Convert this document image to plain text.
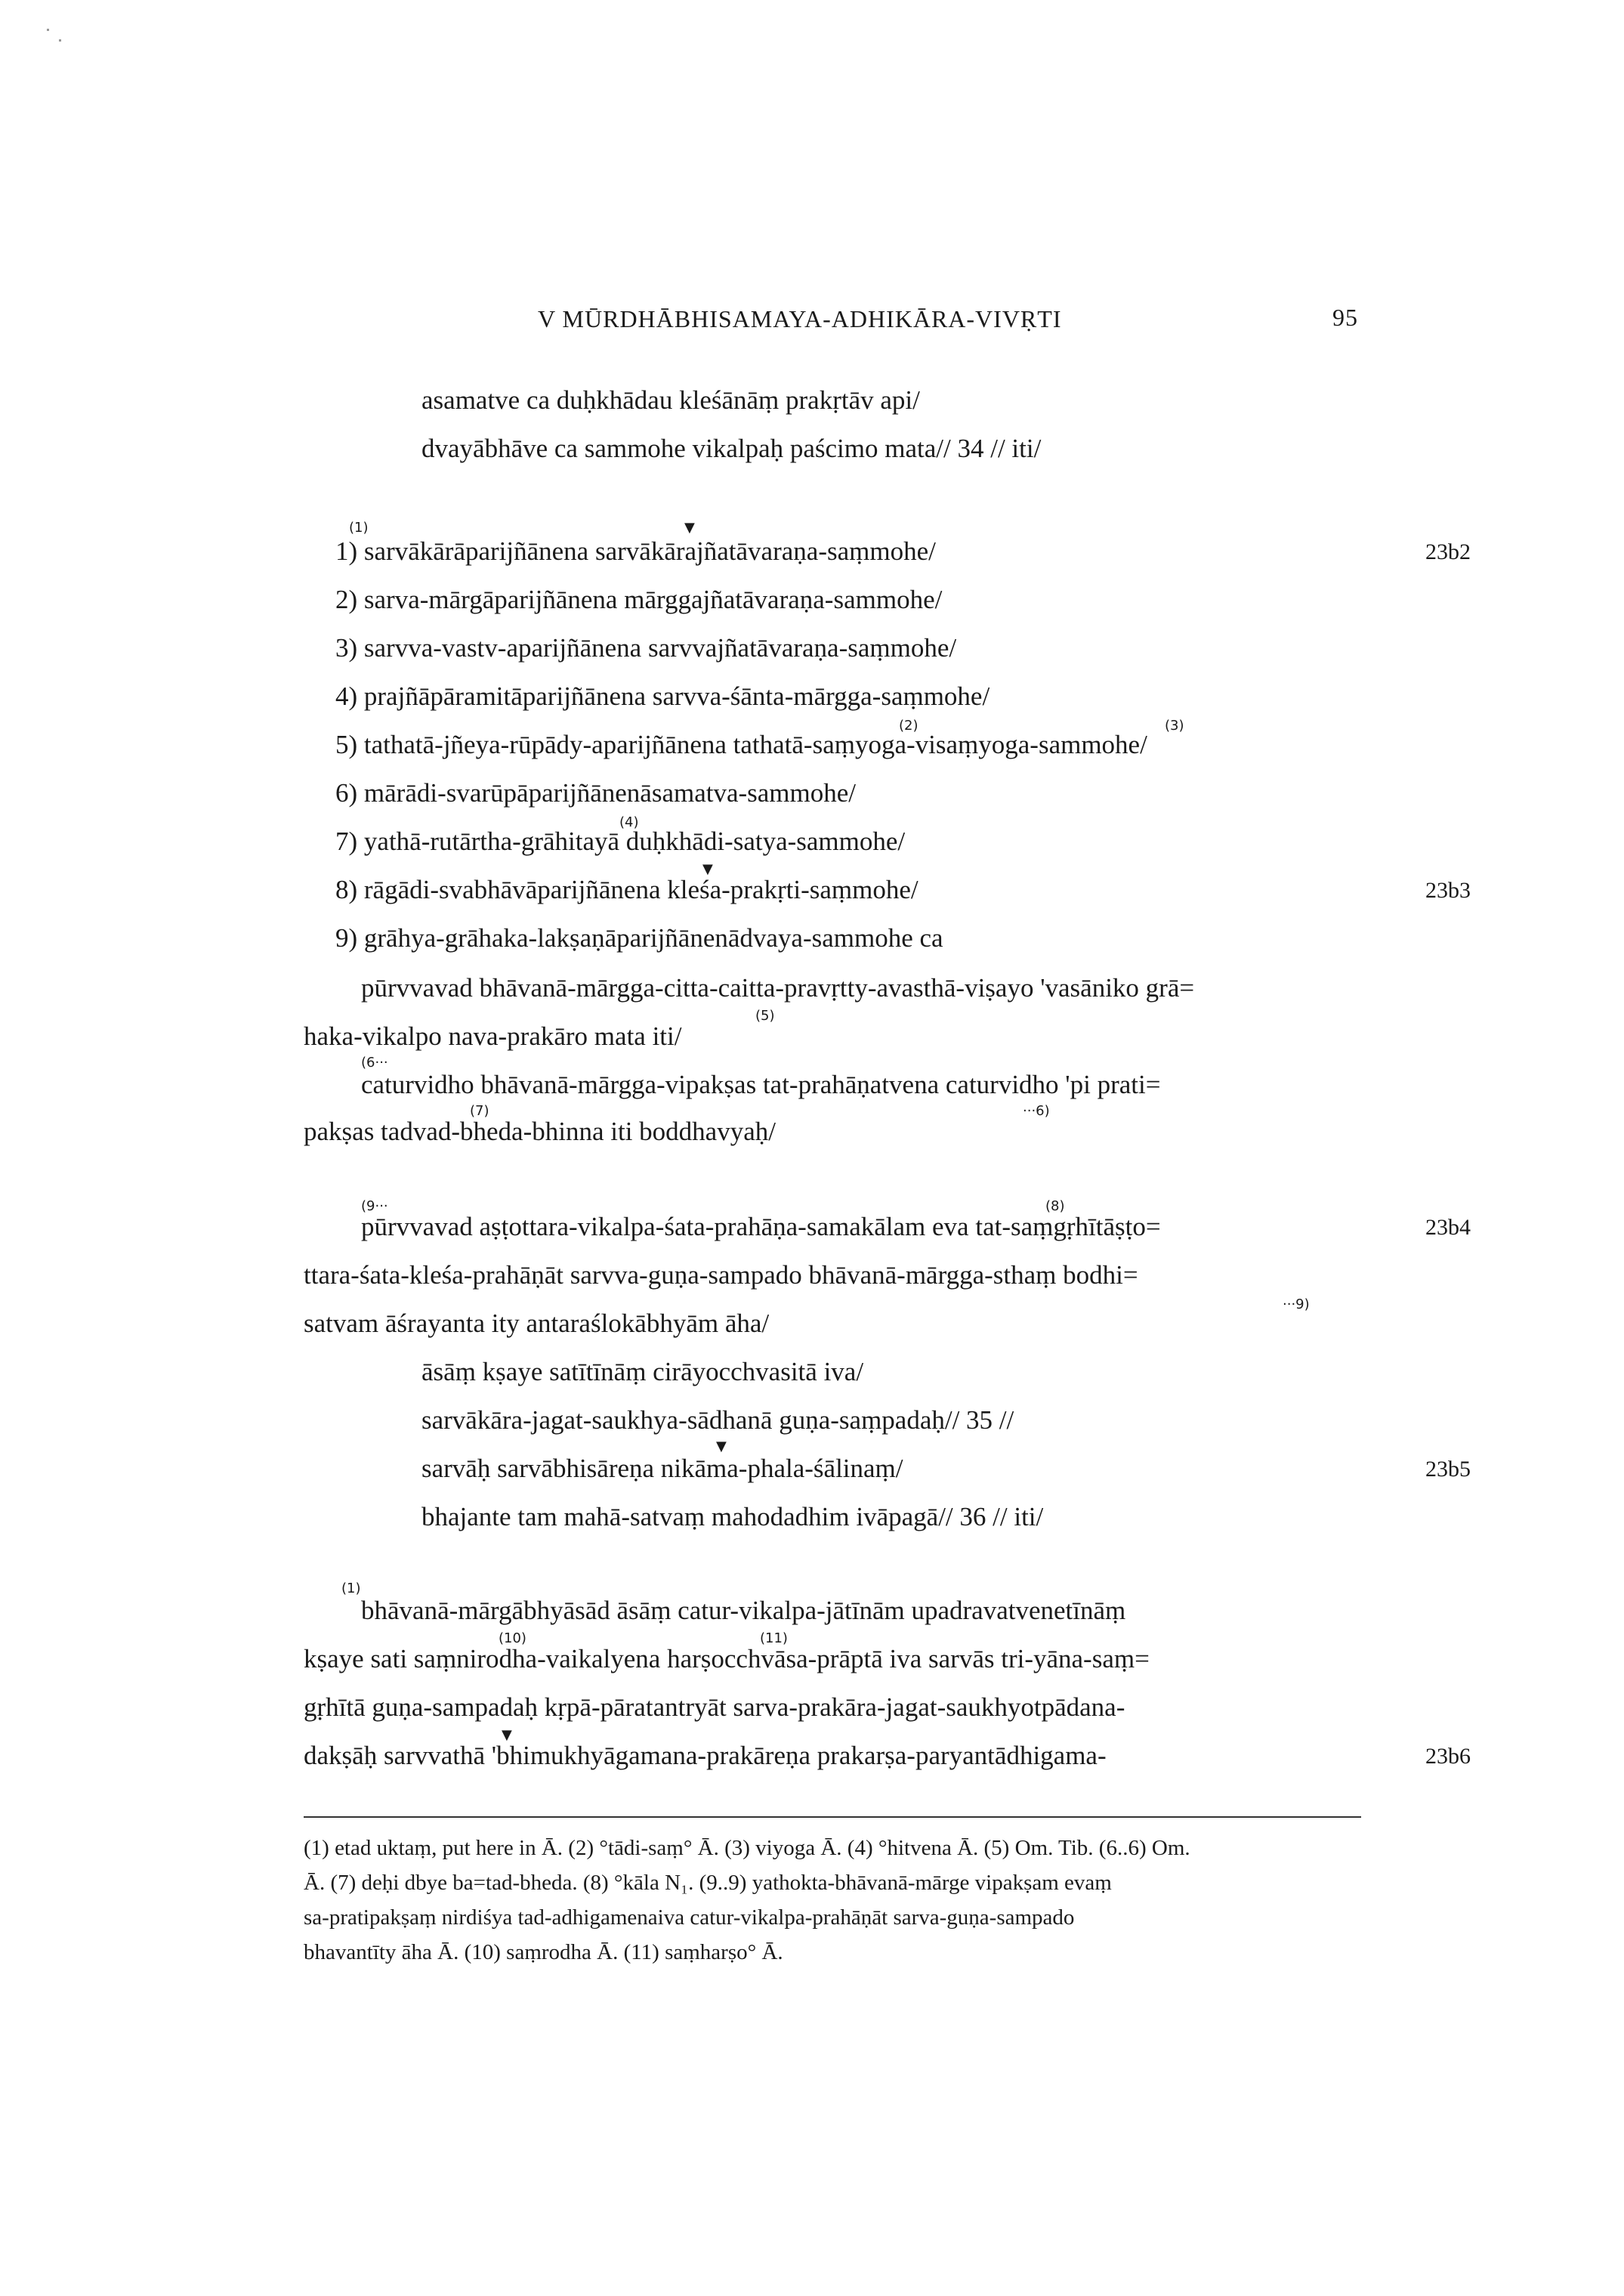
V MŪRDHĀBHISAMAYA-ADHIKĀRA-VIVṚTI	95
asamatve ca duḥkhādau kleśānāṃ prakṛtāv api/
dvayābhāve ca sammohe vikalpaḥ paścimo mata// 34 // iti/
(1)	▼
1) sarvākārāparijñānena sarvākārajñatāvaraṇa-saṃmohe/	23b2
2) sarva-mārgāparijñānena mārggajñatāvaraṇa-sammohe/
3) sarvva-vastv-aparijñānena sarvvajñatāvaraṇa-saṃmohe/
4) prajñāpāramitāparijñānena sarvva-śānta-mārgga-saṃmohe/
(2)	(3)
5) tathatā-jñeya-rūpādy-aparijñānena tathatā-saṃyoga-visaṃyoga-sammohe/
6) mārādi-svarūpāparijñānenāsamatva-sammohe/
(4)
7) yathā-rutārtha-grāhitayā duḥkhādi-satya-sammohe/
▼
8) rāgādi-svabhāvāparijñānena kleśa-prakṛti-saṃmohe/	23b3
9) grāhya-grāhaka-lakṣaṇāparijñānenādvaya-sammohe ca
pūrvvavad bhāvanā-mārgga-citta-caitta-pravṛtty-avasthā-viṣayo 'vasāniko grā=
(5)
haka-vikalpo nava-prakāro mata iti/
(6···
caturvidho bhāvanā-mārgga-vipakṣas tat-prahāṇatvena caturvidho 'pi prati=
(7)	···6)
pakṣas tadvad-bheda-bhinna iti boddhavyaḥ/
(9···	(8)
pūrvvavad aṣṭottara-vikalpa-śata-prahāṇa-samakālam eva tat-saṃgṛhītāṣṭo=	23b4
ttara-śata-kleśa-prahāṇāt sarvva-guṇa-sampado bhāvanā-mārgga-sthaṃ bodhi=
···9)
satvam āśrayanta ity antaraślokābhyām āha/
āsāṃ kṣaye satītīnāṃ cirāyocchvasitā iva/
sarvākāra-jagat-saukhya-sādhanā guṇa-saṃpadaḥ// 35 //
▼
sarvāḥ sarvābhisāreṇa nikāma-phala-śālinaṃ/	23b5
bhajante tam mahā-satvaṃ mahodadhim ivāpagā// 36 // iti/
(1)
bhāvanā-mārgābhyāsād āsāṃ catur-vikalpa-jātīnām upadravatvenetīnāṃ
(10)	(11)
kṣaye sati saṃnirodha-vaikalyena harṣocchvāsa-prāptā iva sarvās tri-yāna-saṃ=
gṛhītā guṇa-sampadaḥ kṛpā-pāratantryāt sarva-prakāra-jagat-saukhyotpādana-
▼
dakṣāḥ sarvvathā 'bhimukhyāgamana-prakāreṇa prakarṣa-paryantādhigama-	23b6
(1) etad uktaṃ, put here in Ā. (2) °tādi-saṃ° Ā. (3) viyoga Ā. (4) °hitvena Ā. (5) Om. Tib. (6..6) Om.
Ā. (7) deḥi dbye ba=tad-bheda. (8) °kāla N₁. (9..9) yathokta-bhāvanā-mārge vipakṣam evaṃ
sa-pratipakṣaṃ nirdiśya tad-adhigamenaiva catur-vikalpa-prahāṇāt sarva-guṇa-sampado
bhavantīty āha Ā. (10) saṃrodha Ā. (11) saṃharṣo° Ā.
